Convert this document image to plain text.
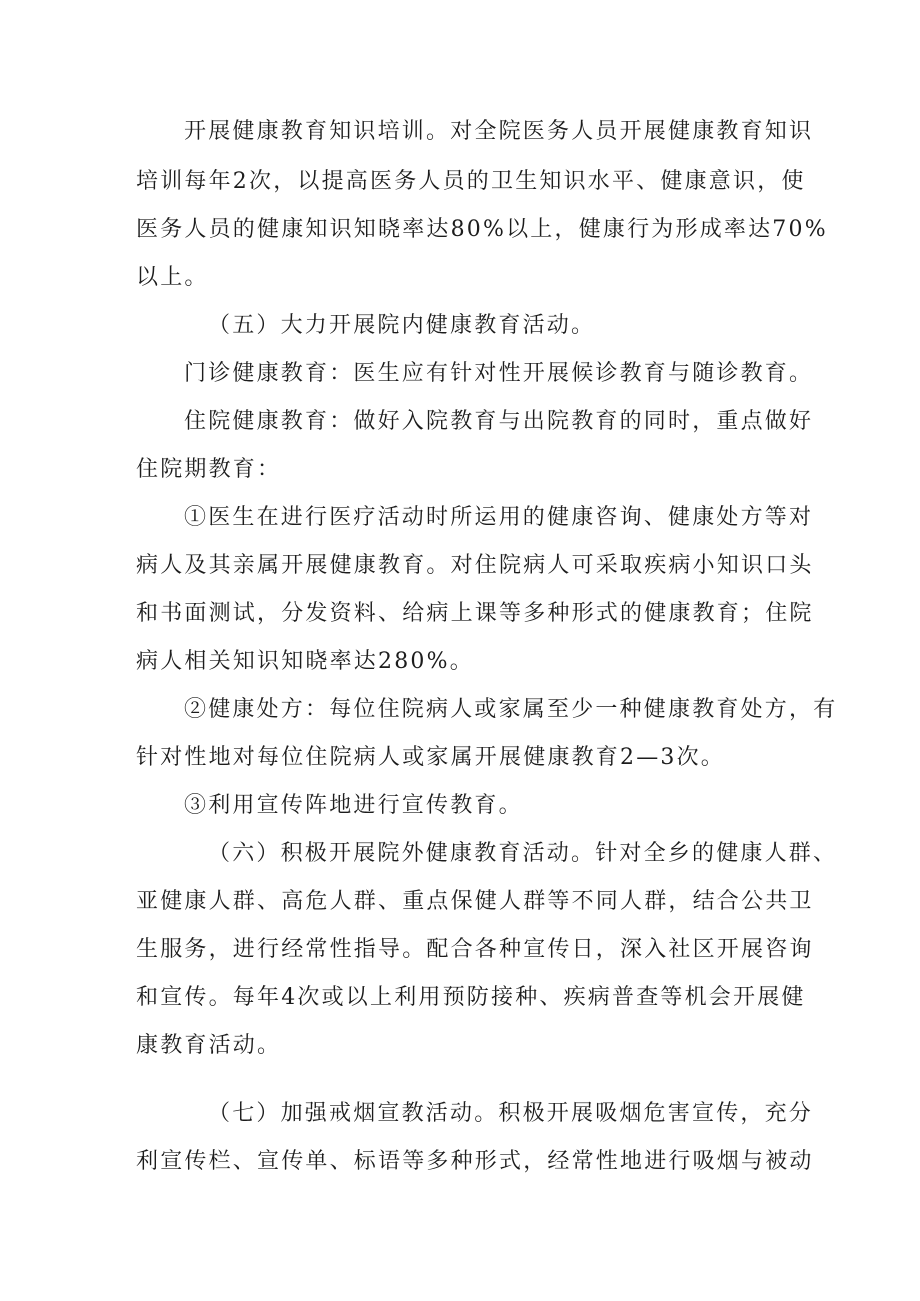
开展健康教育知识培训。对全院医务人员开展健康教育知识
培训每年2次，以提高医务人员的卫生知识水平、健康意识，使
医务人员的健康知识知晓率达80%以上，健康行为形成率达70%
以上。
（五）大力开展院内健康教育活动。
门诊健康教育：医生应有针对性开展候诊教育与随诊教育。
住院健康教育：做好入院教育与出院教育的同时，重点做好
住院期教育：
①医生在进行医疗活动时所运用的健康咨询、健康处方等对
病人及其亲属开展健康教育。对住院病人可采取疾病小知识口头
和书面测试，分发资料、给病上课等多种形式的健康教育；住院
病人相关知识知晓率达280%。
②健康处方：每位住院病人或家属至少一种健康教育处方，有
针对性地对每位住院病人或家属开展健康教育2—3次。
③利用宣传阵地进行宣传教育。
（六）积极开展院外健康教育活动。针对全乡的健康人群、
亚健康人群、高危人群、重点保健人群等不同人群，结合公共卫
生服务，进行经常性指导。配合各种宣传日，深入社区开展咨询
和宣传。每年4次或以上利用预防接种、疾病普查等机会开展健
康教育活动。
（七）加强戒烟宣教活动。积极开展吸烟危害宣传，充分
利宣传栏、宣传单、标语等多种形式，经常性地进行吸烟与被动
